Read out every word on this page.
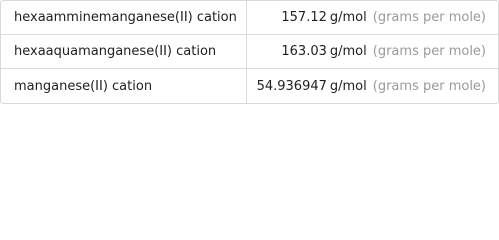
hexaamminemanganese(II) cation	157.12 g/mol (grams per mole)
hexaaquamanganese(II) cation	163.03 g/mol (grams per mole)
manganese(II) cation	54.936947 g/mol (grams per mole)
